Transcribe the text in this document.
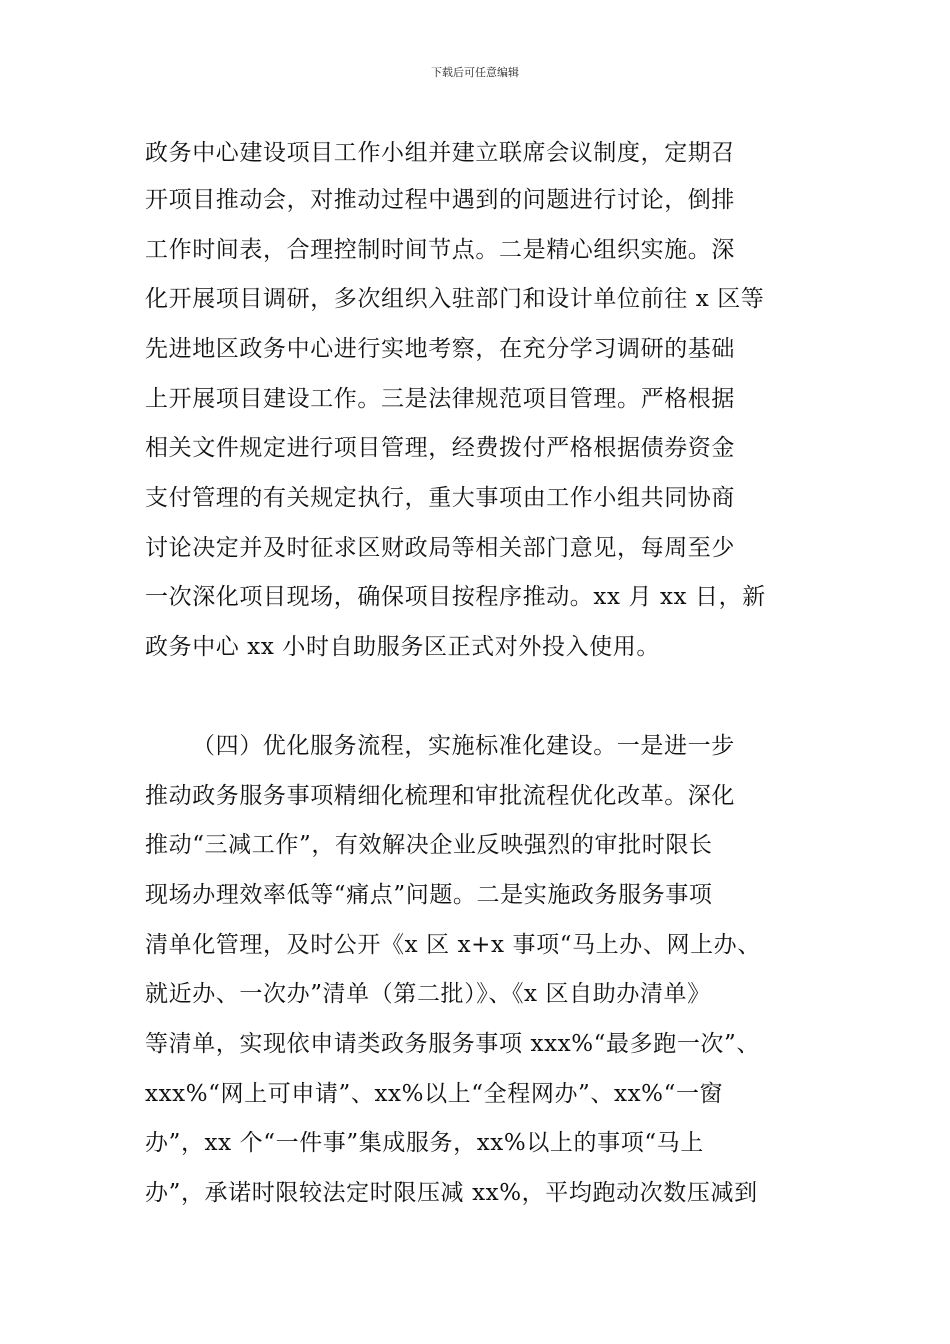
下载后可任意编辑
政务中心建设项目工作小组并建立联席会议制度，定期召
开项目推动会，对推动过程中遇到的问题进行讨论，倒排
工作时间表，合理控制时间节点。二是精心组织实施。深
化开展项目调研，多次组织入驻部门和设计单位前往 x 区等
先进地区政务中心进行实地考察，在充分学习调研的基础
上开展项目建设工作。三是法律规范项目管理。严格根据
相关文件规定进行项目管理，经费拨付严格根据债券资金
支付管理的有关规定执行，重大事项由工作小组共同协商
讨论决定并及时征求区财政局等相关部门意见，每周至少
一次深化项目现场，确保项目按程序推动。xx 月 xx 日，新
政务中心 xx 小时自助服务区正式对外投入使用。
（四）优化服务流程，实施标准化建设。一是进一步
推动政务服务事项精细化梳理和审批流程优化改革。深化
推动“三减工作”，有效解决企业反映强烈的审批时限长
现场办理效率低等“痛点”问题。二是实施政务服务事项
清单化管理，及时公开《x 区 x+x 事项“马上办、网上办、
就近办、一次办”清单（第二批）》、《x 区自助办清单》
等清单，实现依申请类政务服务事项 xxx%“最多跑一次”、
xxx%“网上可申请”、xx%以上“全程网办”、xx%“一窗
办”，xx 个“一件事”集成服务，xx%以上的事项“马上
办”，承诺时限较法定时限压减 xx%，平均跑动次数压减到
